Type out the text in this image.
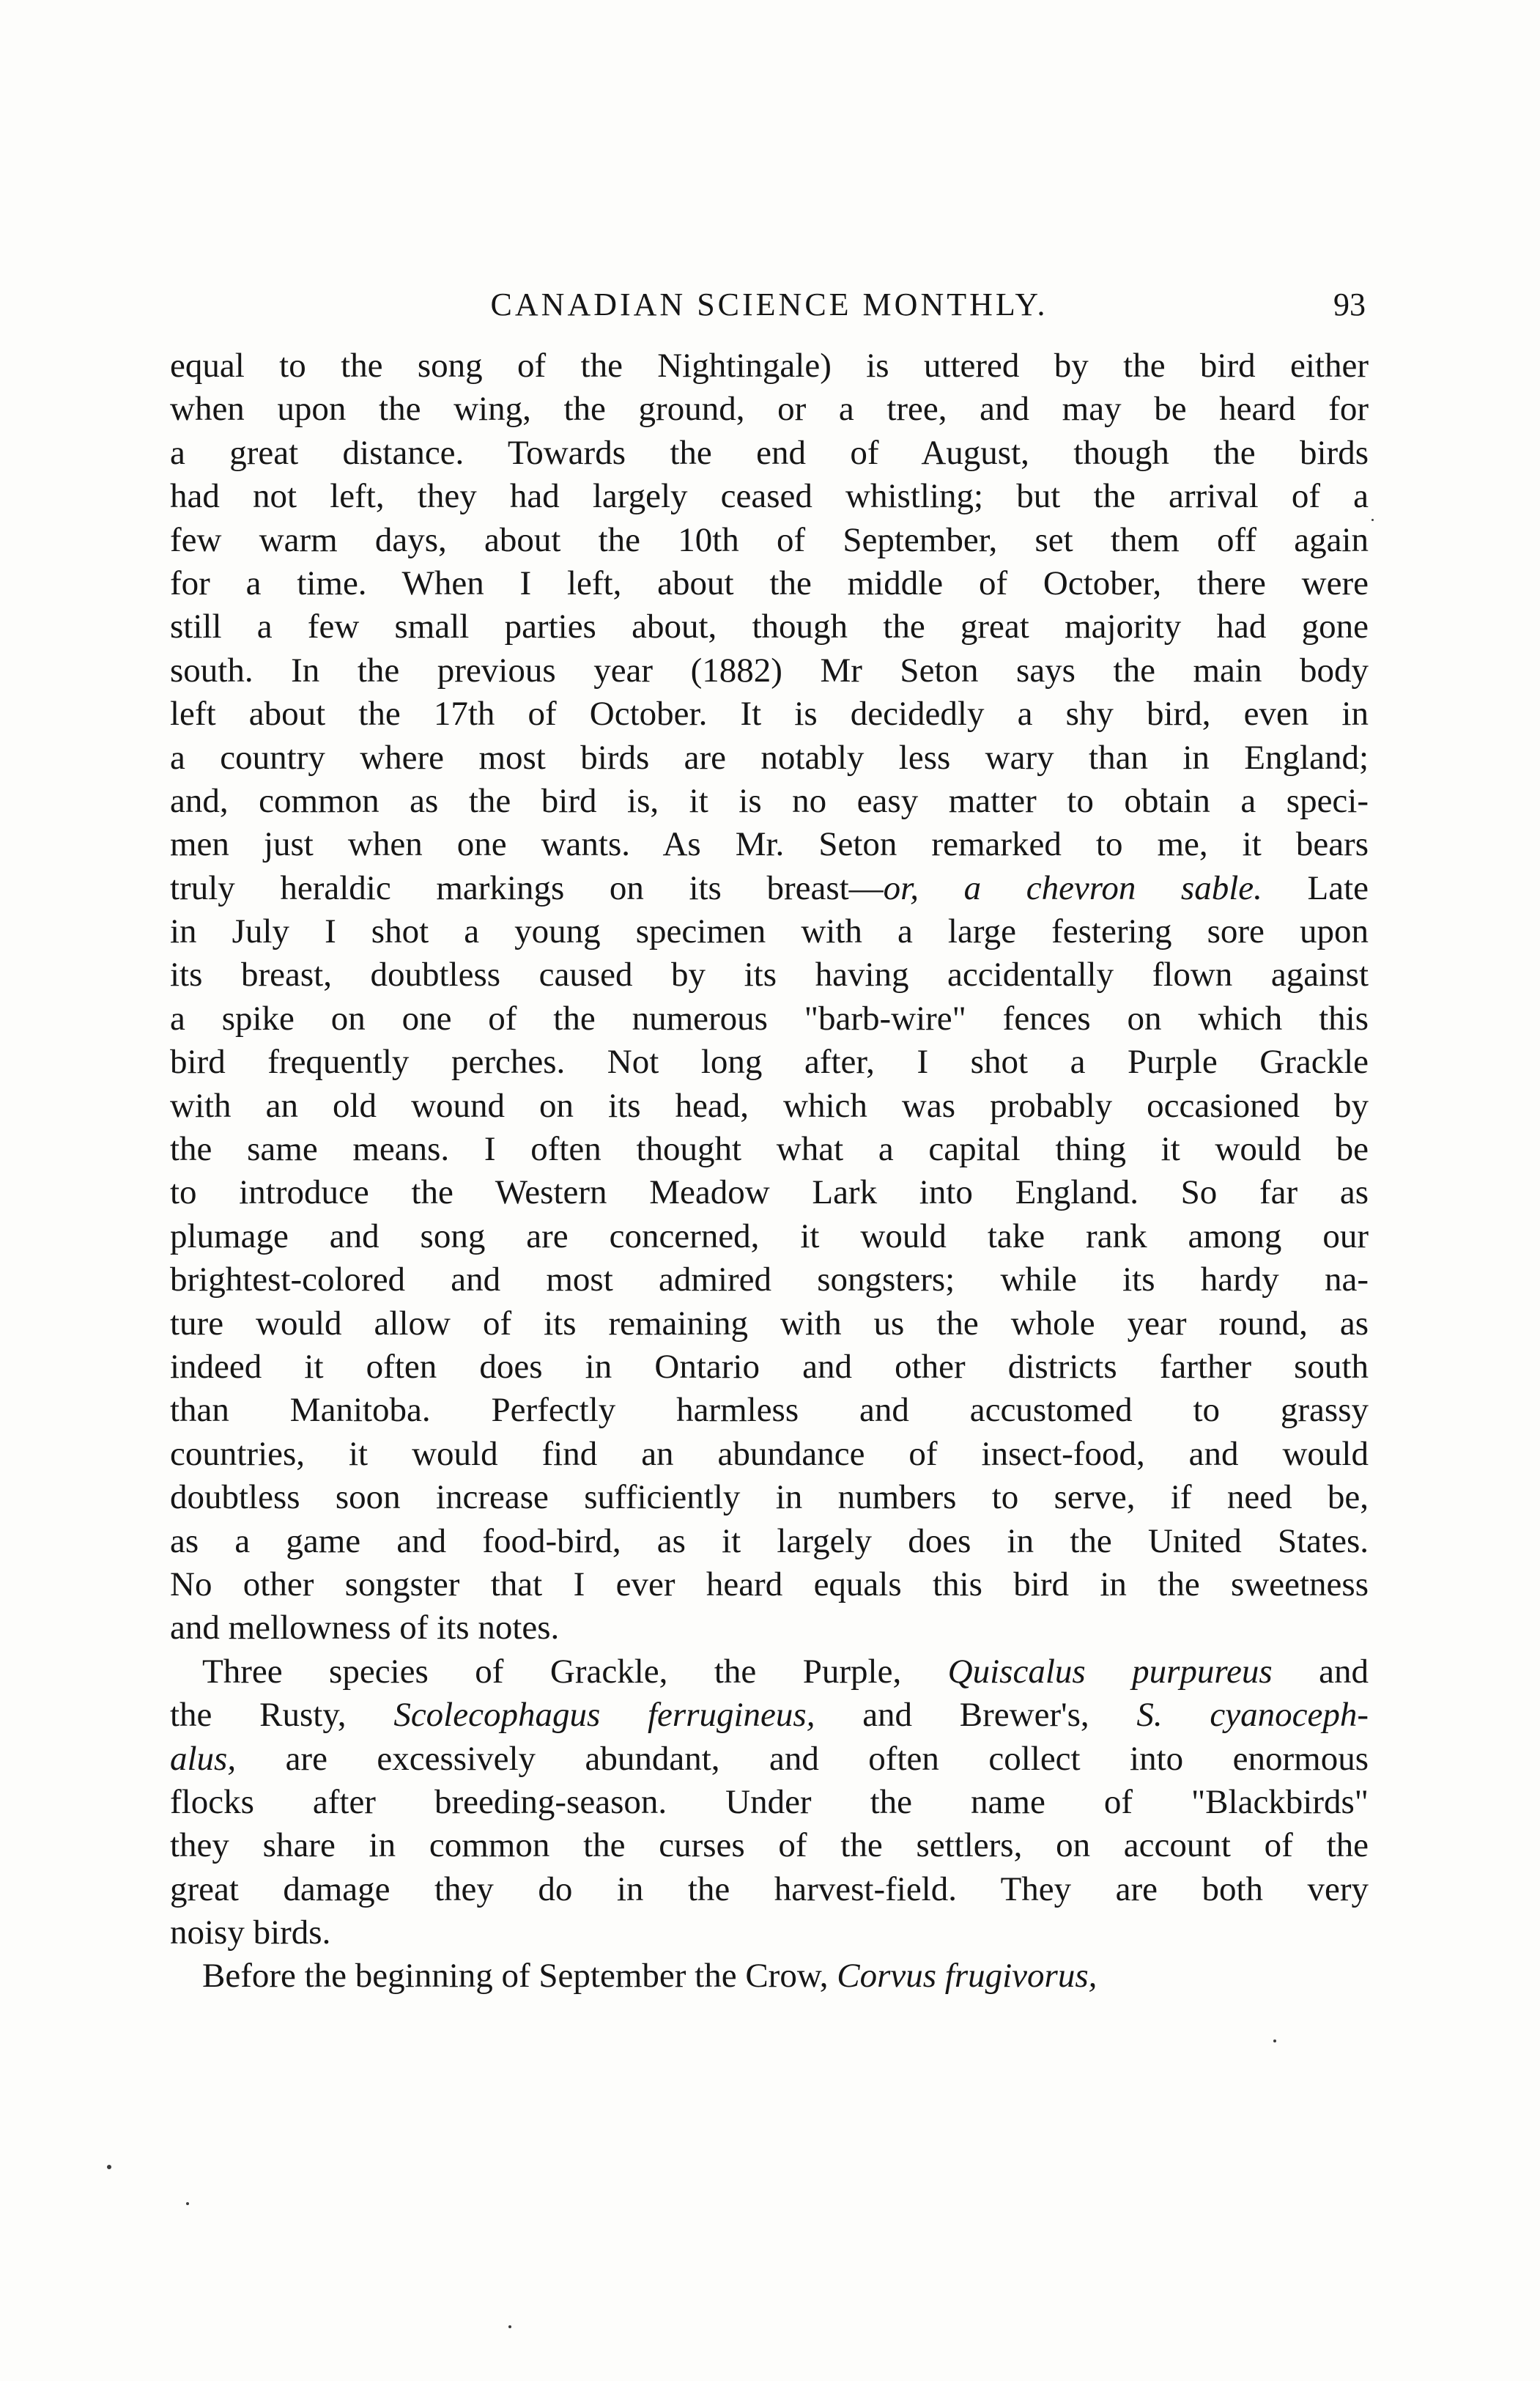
CANADIAN SCIENCE MONTHLY.	93
equal to the song of the Nightingale) is uttered by the bird either
when upon the wing, the ground, or a tree, and may be heard for
a great distance. Towards the end of August, though the birds
had not left, they had largely ceased whistling; but the arrival of a
few warm days, about the 10th of September, set them off again
for a time. When I left, about the middle of October, there were
still a few small parties about, though the great majority had gone
south. In the previous year (1882) Mr Seton says the main body
left about the 17th of October. It is decidedly a shy bird, even in
a country where most birds are notably less wary than in England;
and, common as the bird is, it is no easy matter to obtain a speci-
men just when one wants. As Mr. Seton remarked to me, it bears
truly heraldic markings on its breast—or, a chevron sable. Late
in July I shot a young specimen with a large festering sore upon
its breast, doubtless caused by its having accidentally flown against
a spike on one of the numerous "barb-wire" fences on which this
bird frequently perches. Not long after, I shot a Purple Grackle
with an old wound on its head, which was probably occasioned by
the same means. I often thought what a capital thing it would be
to introduce the Western Meadow Lark into England. So far as
plumage and song are concerned, it would take rank among our
brightest-colored and most admired songsters; while its hardy na-
ture would allow of its remaining with us the whole year round, as
indeed it often does in Ontario and other districts farther south
than Manitoba. Perfectly harmless and accustomed to grassy
countries, it would find an abundance of insect-food, and would
doubtless soon increase sufficiently in numbers to serve, if need be,
as a game and food-bird, as it largely does in the United States.
No other songster that I ever heard equals this bird in the sweetness
and mellowness of its notes.
Three species of Grackle, the Purple, Quiscalus purpureus and
the Rusty, Scolecophagus ferrugineus, and Brewer's, S. cyanoceph-
alus, are excessively abundant, and often collect into enormous
flocks after breeding-season. Under the name of "Blackbirds"
they share in common the curses of the settlers, on account of the
great damage they do in the harvest-field. They are both very
noisy birds.
Before the beginning of September the Crow, Corvus frugivorus,
